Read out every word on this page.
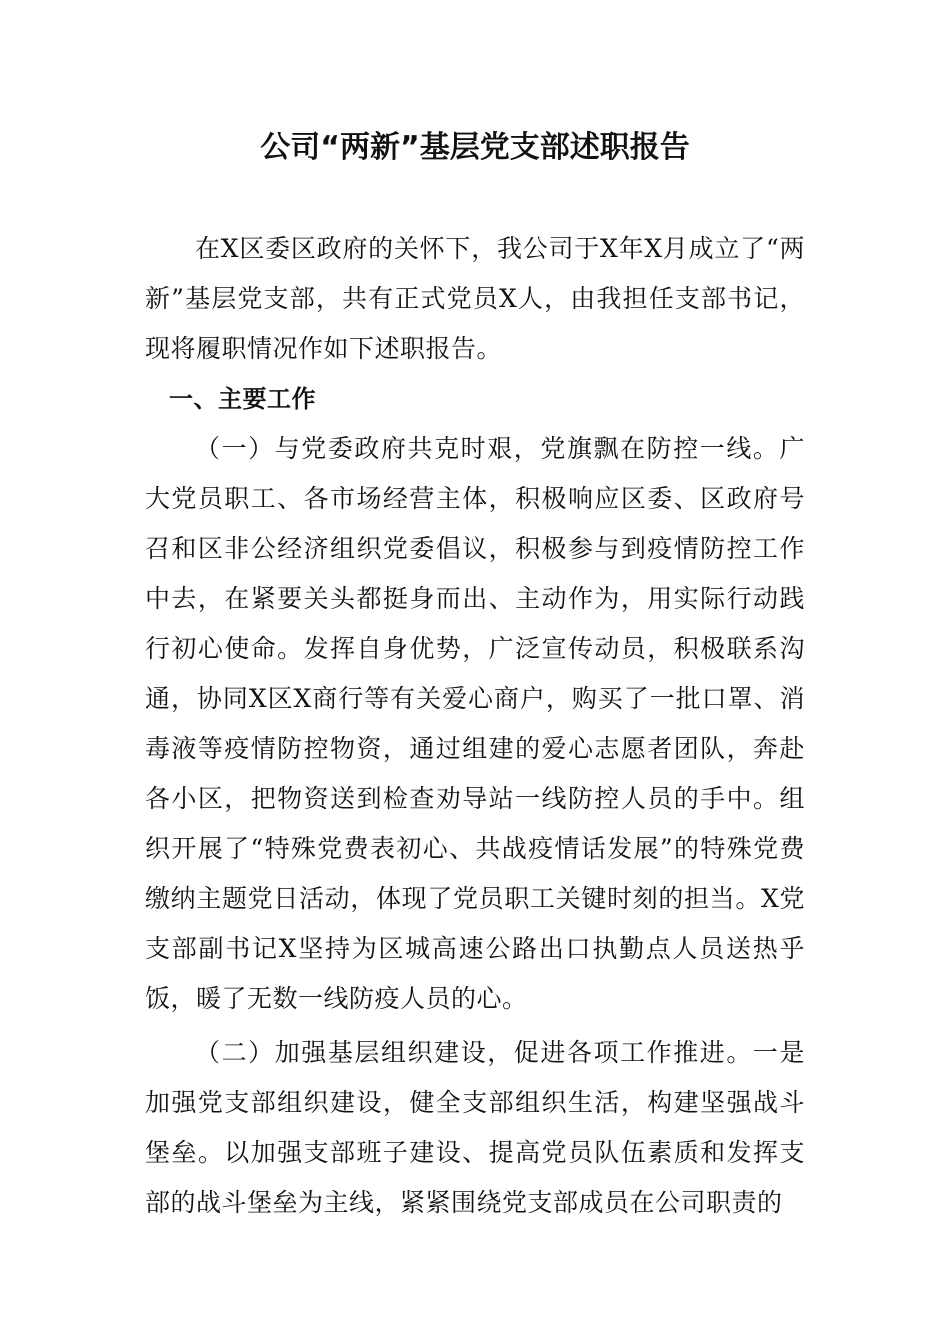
公司“两新”基层党支部述职报告

在X区委区政府的关怀下，我公司于X年X月成立了“两新”基层党支部，共有正式党员X人，由我担任支部书记，现将履职情况作如下述职报告。

一、主要工作

（一）与党委政府共克时艰，党旗飘在防控一线。广大党员职工、各市场经营主体，积极响应区委、区政府号召和区非公经济组织党委倡议，积极参与到疫情防控工作中去，在紧要关头都挺身而出、主动作为，用实际行动践行初心使命。发挥自身优势，广泛宣传动员，积极联系沟通，协同X区X商行等有关爱心商户，购买了一批口罩、消毒液等疫情防控物资，通过组建的爱心志愿者团队，奔赴各小区，把物资送到检查劝导站一线防控人员的手中。组织开展了“特殊党费表初心、共战疫情话发展”的特殊党费缴纳主题党日活动，体现了党员职工关键时刻的担当。X党支部副书记X坚持为区城高速公路出口执勤点人员送热乎饭，暖了无数一线防疫人员的心。

（二）加强基层组织建设，促进各项工作推进。一是加强党支部组织建设，健全支部组织生活，构建坚强战斗堡垒。以加强支部班子建设、提高党员队伍素质和发挥支部的战斗堡垒为主线，紧紧围绕党支部成员在公司职责的
